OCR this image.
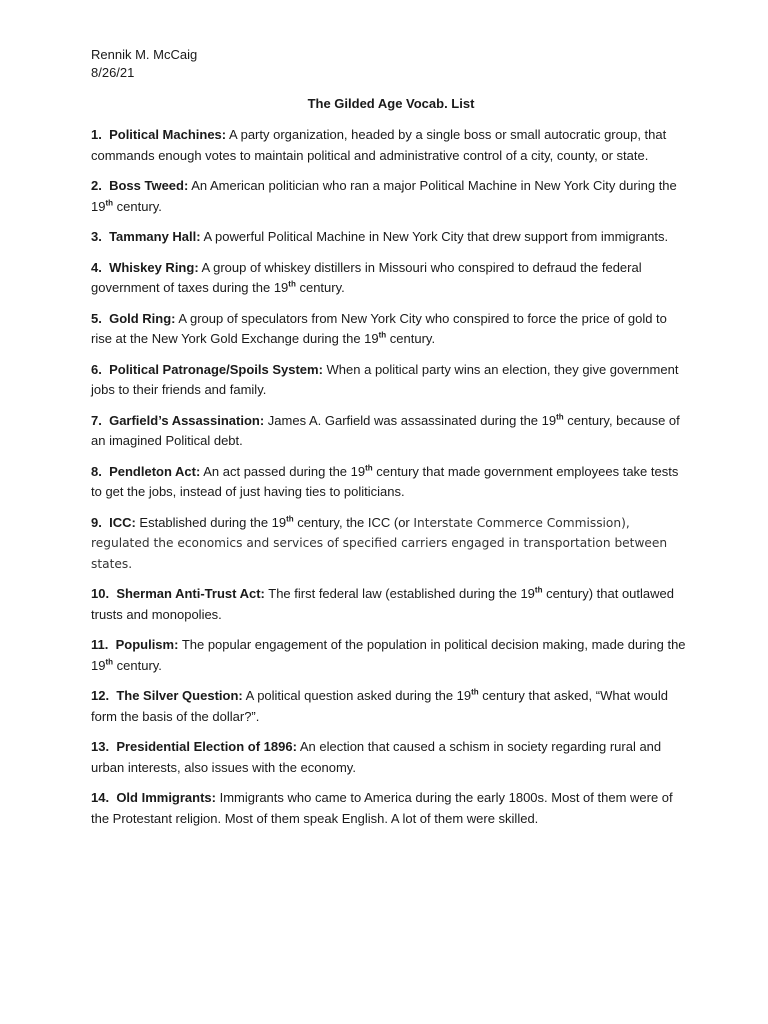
Rennik M. McCaig
8/26/21
The Gilded Age Vocab. List
1. Political Machines: A party organization, headed by a single boss or small autocratic group, that commands enough votes to maintain political and administrative control of a city, county, or state.
2. Boss Tweed: An American politician who ran a major Political Machine in New York City during the 19th century.
3. Tammany Hall: A powerful Political Machine in New York City that drew support from immigrants.
4. Whiskey Ring: A group of whiskey distillers in Missouri who conspired to defraud the federal government of taxes during the 19th century.
5. Gold Ring: A group of speculators from New York City who conspired to force the price of gold to rise at the New York Gold Exchange during the 19th century.
6. Political Patronage/Spoils System: When a political party wins an election, they give government jobs to their friends and family.
7. Garfield’s Assassination: James A. Garfield was assassinated during the 19th century, because of an imagined Political debt.
8. Pendleton Act: An act passed during the 19th century that made government employees take tests to get the jobs, instead of just having ties to politicians.
9. ICC: Established during the 19th century, the ICC (or Interstate Commerce Commission), regulated the economics and services of specified carriers engaged in transportation between states.
10. Sherman Anti-Trust Act: The first federal law (established during the 19th century) that outlawed trusts and monopolies.
11. Populism: The popular engagement of the population in political decision making, made during the 19th century.
12. The Silver Question: A political question asked during the 19th century that asked, “What would form the basis of the dollar?”.
13. Presidential Election of 1896: An election that caused a schism in society regarding rural and urban interests, also issues with the economy.
14. Old Immigrants: Immigrants who came to America during the early 1800s. Most of them were of the Protestant religion. Most of them speak English. A lot of them were skilled.
